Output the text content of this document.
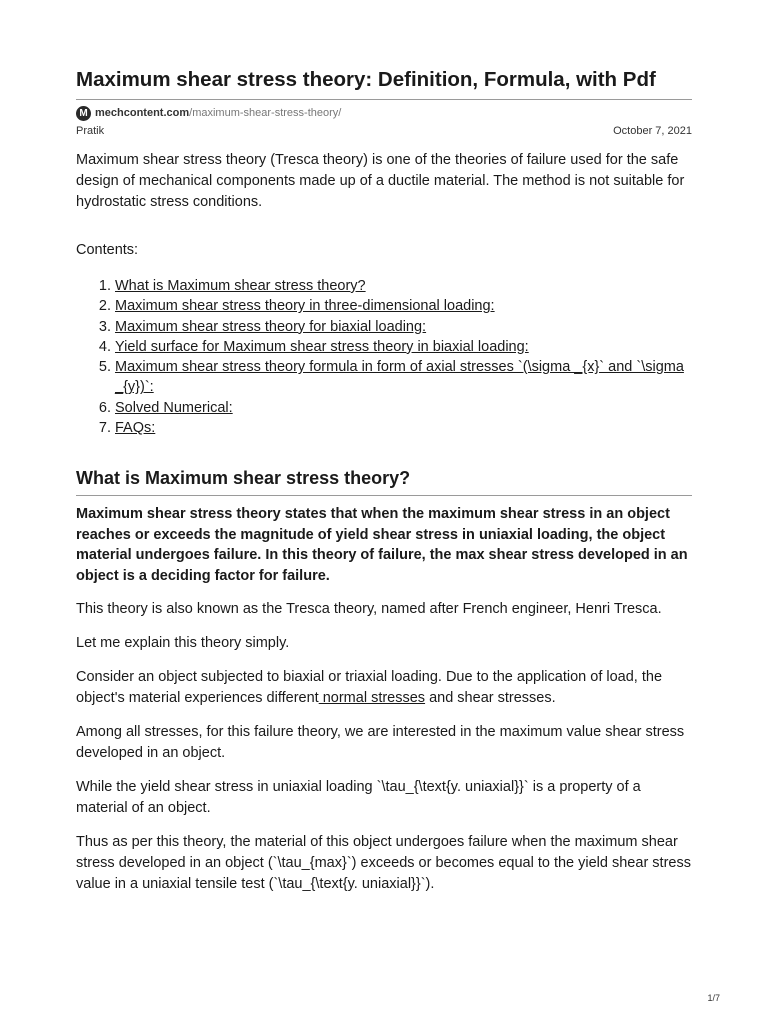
Maximum shear stress theory: Definition, Formula, with Pdf
M mechcontent.com /maximum-shear-stress-theory/
Pratik	October 7, 2021

Maximum shear stress theory (Tresca theory) is one of the theories of failure used for the safe design of mechanical components made up of a ductile material. The method is not suitable for hydrostatic stress conditions.

Contents:

1. What is Maximum shear stress theory?
2. Maximum shear stress theory in three-dimensional loading:
3. Maximum shear stress theory for biaxial loading:
4. Yield surface for Maximum shear stress theory in biaxial loading:
5. Maximum shear stress theory formula in form of axial stresses `(\sigma _{x}` and `\sigma _{y})`:
6. Solved Numerical:
7. FAQs:
What is Maximum shear stress theory?

Maximum shear stress theory states that when the maximum shear stress in an object reaches or exceeds the magnitude of yield shear stress in uniaxial loading, the object material undergoes failure. In this theory of failure, the max shear stress developed in an object is a deciding factor for failure.

This theory is also known as the Tresca theory, named after French engineer, Henri Tresca.

Let me explain this theory simply.

Consider an object subjected to biaxial or triaxial loading. Due to the application of load, the object's material experiences different normal stresses and shear stresses.

Among all stresses, for this failure theory, we are interested in the maximum value shear stress developed in an object.

While the yield shear stress in uniaxial loading `\tau_{\text{y. uniaxial}}` is a property of a material of an object.

Thus as per this theory, the material of this object undergoes failure when the maximum shear stress developed in an object (`\tau_{max}`) exceeds or becomes equal to the yield shear stress value in a uniaxial tensile test (`\tau_{\text{y. uniaxial}}`).

1/7
